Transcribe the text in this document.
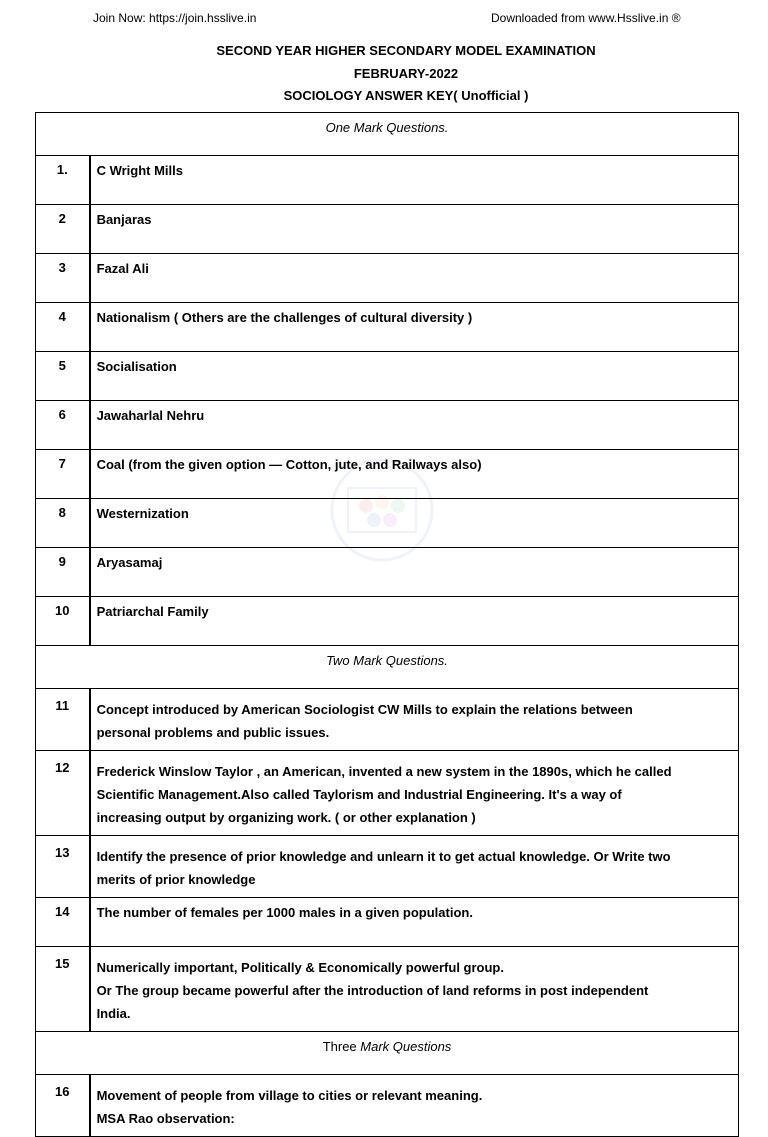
Join Now: https://join.hsslive.in	Downloaded from www.Hsslive.in ®
SECOND YEAR HIGHER SECONDARY MODEL EXAMINATION
FEBRUARY-2022
SOCIOLOGY ANSWER KEY( Unofficial )
One Mark Questions.	
1.	C Wright Mills

2	Banjaras

3	Fazal Ali

4	Nationalism ( Others are the challenges of cultural diversity )

5	Socialisation

6	Jawaharlal Nehru

7	Coal (from the given option — Cotton, jute, and Railways also)

8	Westernization

9	Aryasamaj

10	Patriarchal Family

Two Mark Questions.	
11	Concept introduced by American Sociologist CW Mills to explain the relations between
personal problems and public issues.

12	Frederick Winslow Taylor , an American, invented a new system in the 1890s, which he called
Scientific Management.Also called Taylorism and Industrial Engineering. It's a way of
increasing output by organizing work. ( or other explanation )

13	Identify the presence of prior knowledge and unlearn it to get actual knowledge. Or Write two
merits of prior knowledge

14	The number of females per 1000 males in a given population.

15	Numerically important, Politically & Economically powerful group.
Or The group became powerful after the introduction of land reforms in post independent
India.

Three Mark Questions	
16	Movement of people from village to cities or relevant meaning.
MSA Rao observation:
